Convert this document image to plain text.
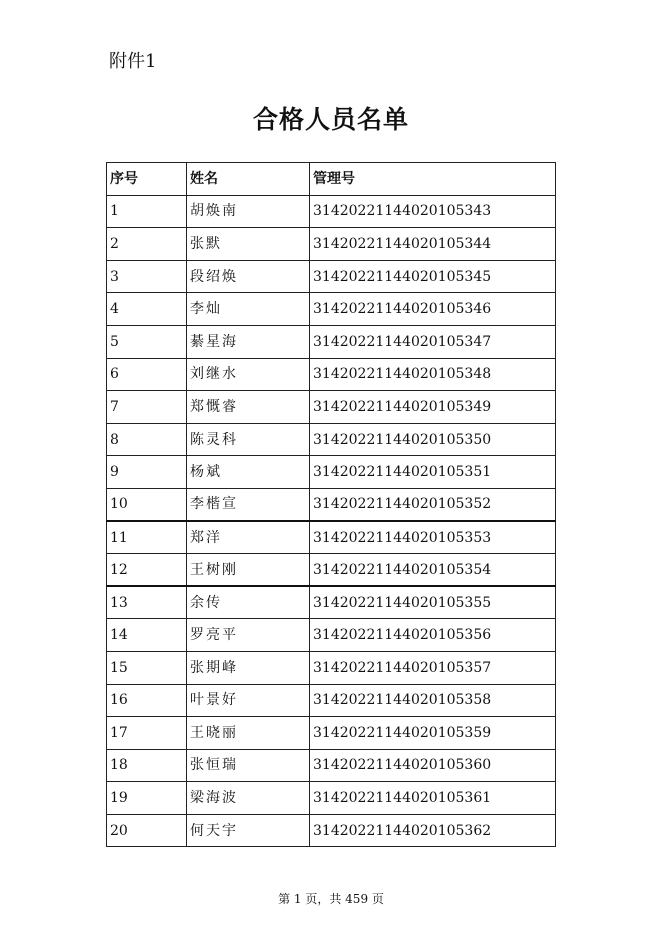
附件1
合格人员名单
序号	姓名	管理号
1	胡焕南	31420221144020105343
2	张默	31420221144020105344
3	段绍焕	31420221144020105345
4	李灿	31420221144020105346
5	綦星海	31420221144020105347
6	刘继水	31420221144020105348
7	郑慨睿	31420221144020105349
8	陈灵科	31420221144020105350
9	杨斌	31420221144020105351
10	李楷宣	31420221144020105352
11	郑洋	31420221144020105353
12	王树刚	31420221144020105354
13	余传	31420221144020105355
14	罗亮平	31420221144020105356
15	张期峰	31420221144020105357
16	叶景好	31420221144020105358
17	王晓丽	31420221144020105359
18	张恒瑞	31420221144020105360
19	梁海波	31420221144020105361
20	何天宇	31420221144020105362
第 1 页，共 459 页
